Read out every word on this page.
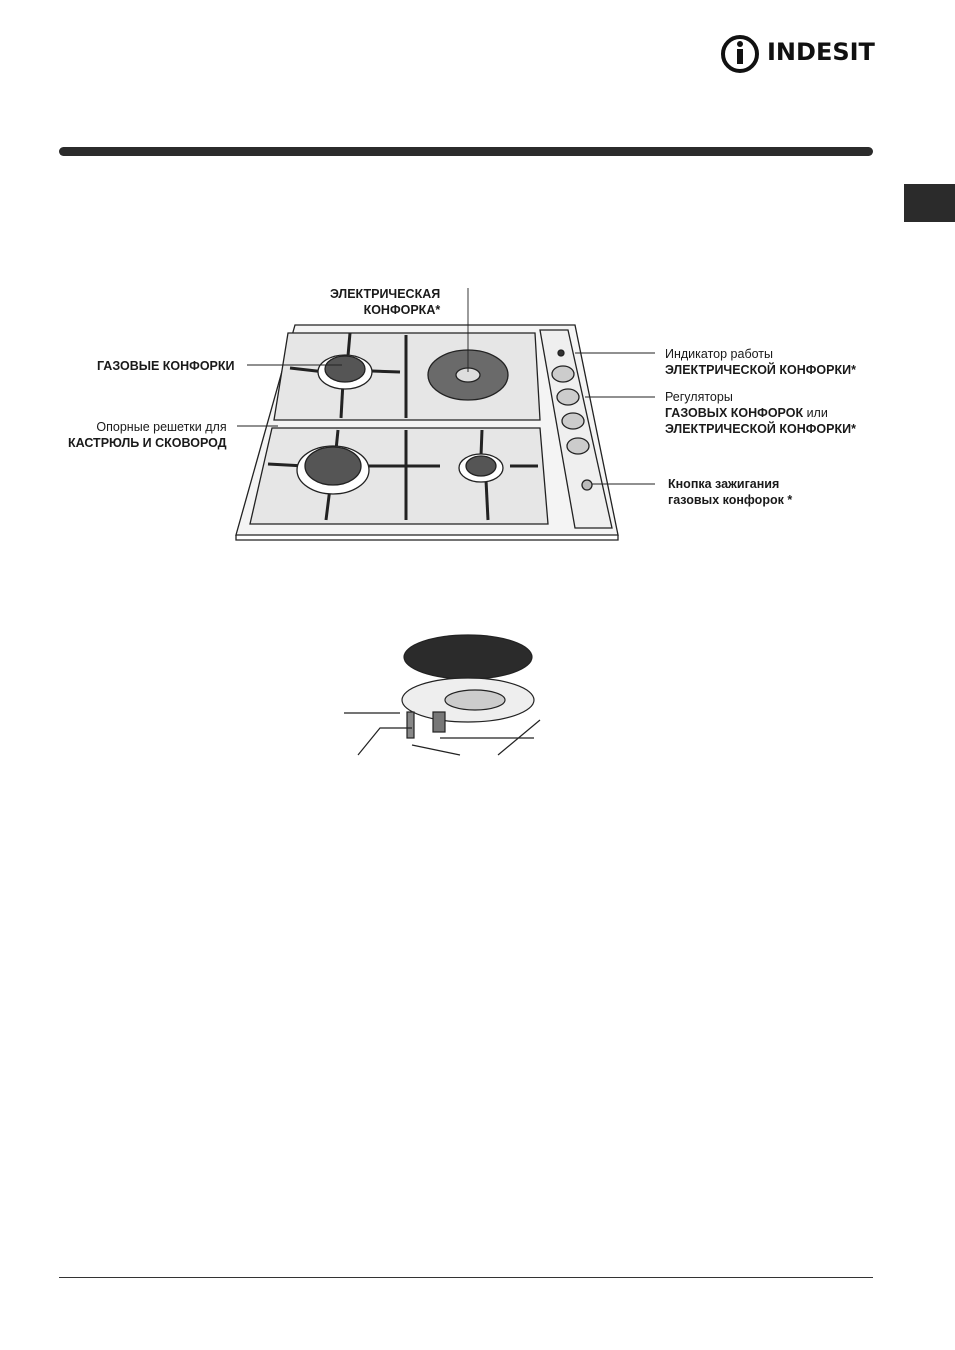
INDESIT
ЭЛЕКТРИЧЕСКАЯ
КОНФОРКА*
ГАЗОВЫЕ КОНФОРКИ
Опорные решетки для
КАСТРЮЛЬ И СКОВОРОД
Индикатор работы
ЭЛЕКТРИЧЕСКОЙ КОНФОРКИ*
Регуляторы
ГАЗОВЫХ КОНФОРОК или
ЭЛЕКТРИЧЕСКОЙ КОНФОРКИ*
Кнопка зажигания
газовых конфорок *
